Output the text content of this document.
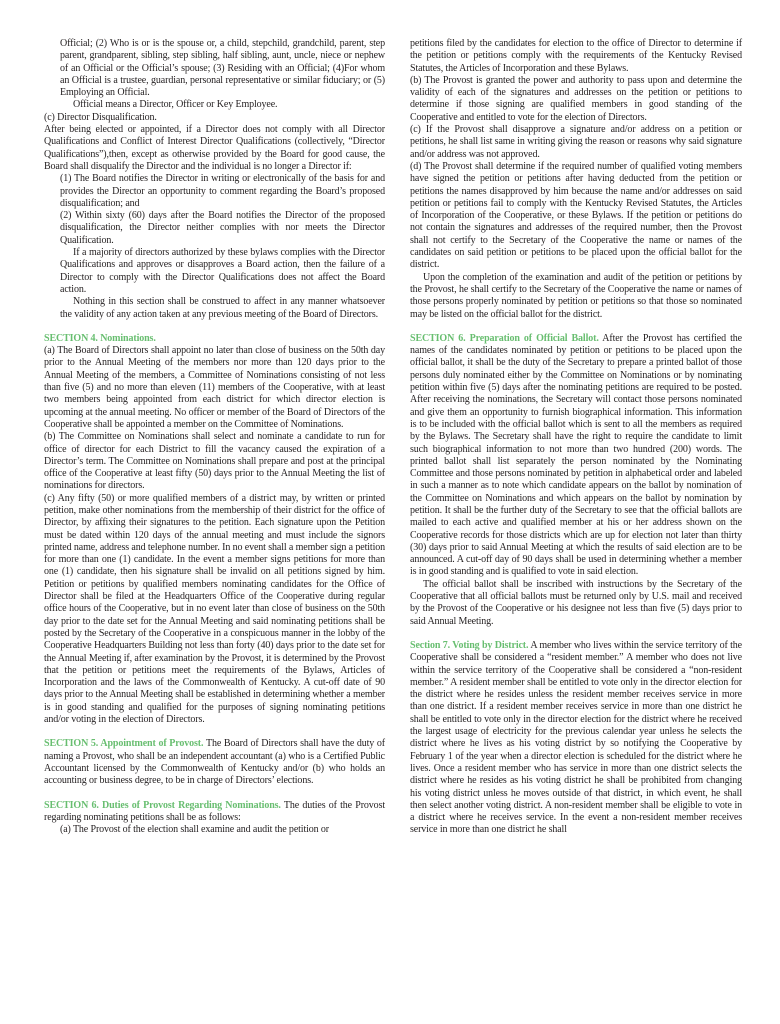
Official; (2) Who is or is the spouse or, a child, stepchild, grandchild, parent, step parent, grandparent, sibling, step sibling, half sibling, aunt, uncle, niece or nephew of an Official or the Official’s spouse; (3) Residing with an Official; (4)For whom an Official is a trustee, guardian, personal representative or similar fiduciary; or (5) Employing an Official.

Official means a Director, Officer or Key Employee.

(c) Director Disqualification.

After being elected or appointed, if a Director does not comply with all Director Qualifications and Conflict of Interest Director Qualifications (collectively, “Director Qualifications”),then, except as otherwise provided by the Board for good cause, the Board shall disqualify the Director and the individual is no longer a Director if:

(1) The Board notifies the Director in writing or electronically of the basis for and provides the Director an opportunity to comment regarding the Board’s proposed disqualification; and

(2) Within sixty (60) days after the Board notifies the Director of the proposed disqualification, the Director neither complies with nor meets the Director Qualification.

If a majority of directors authorized by these bylaws complies with the Director Qualifications and approves or disapproves a Board action, then the failure of a Director to comply with the Director Qualifications does not affect the Board action.

Nothing in this section shall be construed to affect in any manner whatsoever the validity of any action taken at any previous meeting of the Board of Directors.

SECTION 4. Nominations.

(a) The Board of Directors shall appoint no later than close of business on the 50th day prior to the Annual Meeting of the members nor more than 120 days prior to the Annual Meeting of the members, a Committee of Nominations consisting of not less than five (5) and no more than eleven (11) members of the Cooperative, with at least two members being appointed from each district for which director election is upcoming at the annual meeting. No officer or member of the Board of Directors of the Cooperative shall be appointed a member on the Committee of Nominations.

(b) The Committee on Nominations shall select and nominate a candidate to run for office of director for each District to fill the vacancy caused the expiration of a Director’s term. The Committee on Nominations shall prepare and post at the principal office of the Cooperative at least fifty (50) days prior to the Annual Meeting the list of nominations for directors.

(c) Any fifty (50) or more qualified members of a district may, by written or printed petition, make other nominations from the membership of their district for the office of Director, by affixing their signatures to the petition. Each signature upon the Petition must be dated within 120 days of the annual meeting and must include the signors printed name, address and telephone number. In no event shall a member sign a petition for more than one (1) candidate. In the event a member signs petitions for more than one (1) candidate, then his signature shall be invalid on all petitions signed by him. Petition or petitions by qualified members nominating candidates for the Office of Director shall be filed at the Headquarters Office of the Cooperative during regular office hours of the Cooperative, but in no event later than close of business on the 50th day prior to the date set for the Annual Meeting and said nominating petitions shall be posted by the Secretary of the Cooperative in a conspicuous manner in the lobby of the Cooperative Headquarters Building not less than forty (40) days prior to the date set for the Annual Meeting if, after examination by the Provost, it is determined by the Provost that the petition or petitions meet the requirements of the Bylaws, Articles of Incorporation and the laws of the Commonwealth of Kentucky. A cut-off date of 90 days prior to the Annual Meeting shall be established in determining whether a member is in good standing and qualified for the purposes of signing nominating petitions and/or voting in the election of Directors.

SECTION 5. Appointment of Provost. The Board of Directors shall have the duty of naming a Provost, who shall be an independent accountant (a) who is a Certified Public Accountant licensed by the Commonwealth of Kentucky and/or (b) who holds an accounting or business degree, to be in charge of Directors’ elections.

SECTION 6. Duties of Provost Regarding Nominations. The duties of the Provost regarding nominating petitions shall be as follows:

(a) The Provost of the election shall examine and audit the petition or

petitions filed by the candidates for election to the office of Director to determine if the petition or petitions comply with the requirements of the Kentucky Revised Statutes, the Articles of Incorporation and these Bylaws.

(b) The Provost is granted the power and authority to pass upon and determine the validity of each of the signatures and addresses on the petition or petitions to determine if those signing are qualified members in good standing of the Cooperative and entitled to vote for the election of Directors.

(c) If the Provost shall disapprove a signature and/or address on a petition or petitions, he shall list same in writing giving the reason or reasons why said signature and/or address was not approved.

(d) The Provost shall determine if the required number of qualified voting members have signed the petition or petitions after having deducted from the petition or petitions the names disapproved by him because the name and/or addresses on said petition or petitions fail to comply with the Kentucky Revised Statutes, the Articles of Incorporation of the Cooperative, or these Bylaws. If the petition or petitions do not contain the signatures and addresses of the required number, then the Provost shall not certify to the Secretary of the Cooperative the name or names of the candidates on said petition or petitions to be placed upon the official ballot for the district.

Upon the completion of the examination and audit of the petition or petitions by the Provost, he shall certify to the Secretary of the Cooperative the name or names of those persons properly nominated by petition or petitions so that those so nominated may be listed on the official ballot for the district.

SECTION 6. Preparation of Official Ballot. After the Provost has certified the names of the candidates nominated by petition or petitions to be placed upon the official ballot, it shall be the duty of the Secretary to prepare a printed ballot of those persons duly nominated either by the Committee on Nominations or by nominating petition within five (5) days after the nominating petitions are required to be posted. After receiving the nominations, the Secretary will contact those persons nominated and give them an opportunity to furnish biographical information. This information is to be included with the official ballot which is sent to all the members as required by the Bylaws. The Secretary shall have the right to require the candidate to limit such biographical information to not more than two hundred (200) words. The printed ballot shall list separately the person nominated by the Nominating Committee and those persons nominated by petition in alphabetical order and labeled in such a manner as to note which candidate appears on the ballot by nomination of the Committee on Nominations and which appears on the ballot by nomination by petition. It shall be the further duty of the Secretary to see that the official ballots are mailed to each active and qualified member at his or her address shown on the Cooperative records for those districts which are up for election not later than thirty (30) days prior to said Annual Meeting at which the results of said election are to be announced. A cut-off day of 90 days shall be used in determining whether a member is in good standing and is qualified to vote in said election.

The official ballot shall be inscribed with instructions by the Secretary of the Cooperative that all official ballots must be returned only by U.S. mail and received by the Provost of the Cooperative or his designee not less than five (5) days prior to said Annual Meeting.

Section 7. Voting by District. A member who lives within the service territory of the Cooperative shall be considered a “resident member.” A member who does not live within the service territory of the Cooperative shall be considered a “non-resident member.” A resident member shall be entitled to vote only in the director election for the district where he resides unless the resident member receives service in more than one district. If a resident member receives service in more than one district he shall be entitled to vote only in the director election for the district where he received the largest usage of electricity for the previous calendar year unless he selects the district where he lives as his voting district by so notifying the Cooperative by February 1 of the year when a director election is scheduled for the district where he lives. Once a resident member who has service in more than one district selects the district where he resides as his voting district he shall be prohibited from changing his voting district unless he moves outside of that district, in which event, he shall then select another voting district. A non-resident member shall be eligible to vote in a district where he receives service. In the event a non-resident member receives service in more than one district he shall
